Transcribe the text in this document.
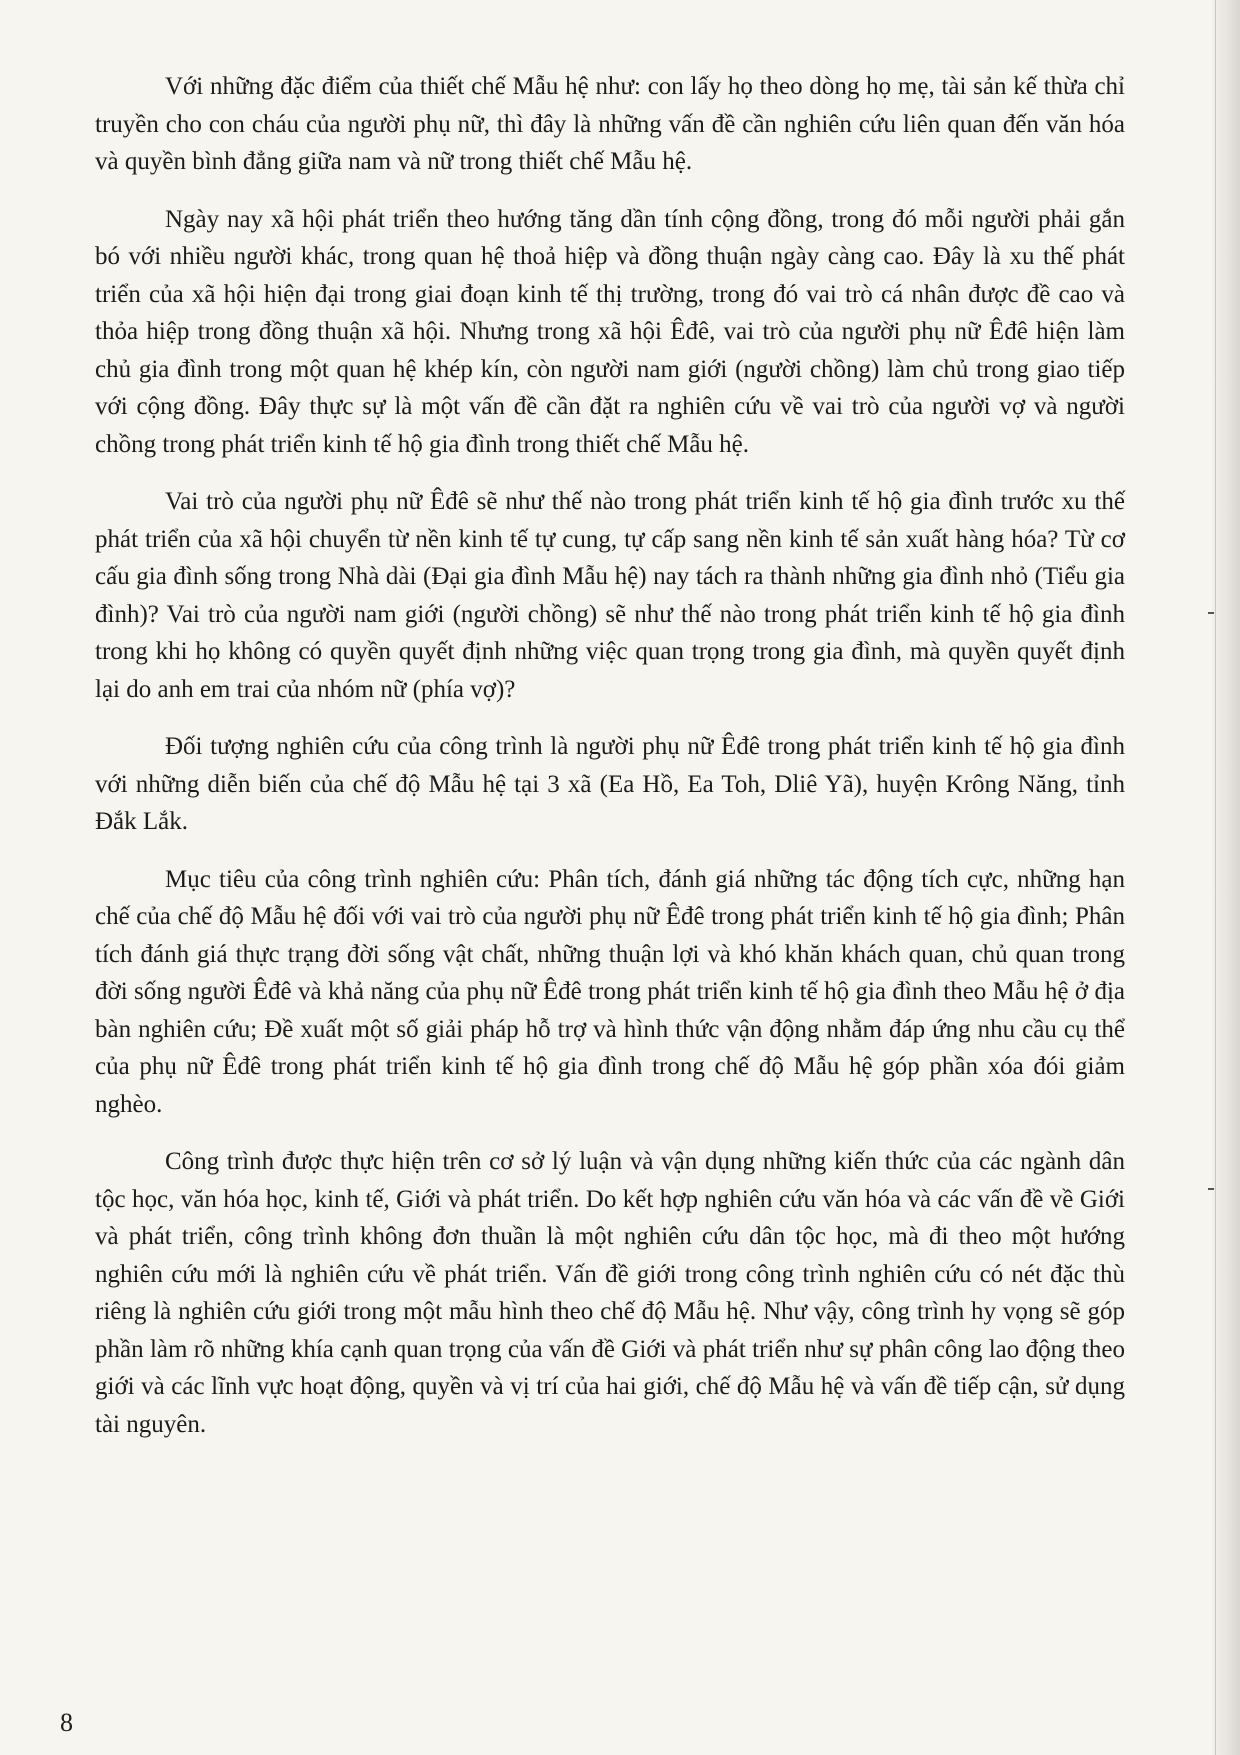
Với những đặc điểm của thiết chế Mẫu hệ như: con lấy họ theo dòng họ mẹ, tài sản kế thừa chỉ truyền cho con cháu của người phụ nữ, thì đây là những vấn đề cần nghiên cứu liên quan đến văn hóa và quyền bình đẳng giữa nam và nữ trong thiết chế Mẫu hệ.

Ngày nay xã hội phát triển theo hướng tăng dần tính cộng đồng, trong đó mỗi người phải gắn bó với nhiều người khác, trong quan hệ thoả hiệp và đồng thuận ngày càng cao. Đây là xu thế phát triển của xã hội hiện đại trong giai đoạn kinh tế thị trường, trong đó vai trò cá nhân được đề cao và thỏa hiệp trong đồng thuận xã hội. Nhưng trong xã hội Êđê, vai trò của người phụ nữ Êđê hiện làm chủ gia đình trong một quan hệ khép kín, còn người nam giới (người chồng) làm chủ trong giao tiếp với cộng đồng. Đây thực sự là một vấn đề cần đặt ra nghiên cứu về vai trò của người vợ và người chồng trong phát triển kinh tế hộ gia đình trong thiết chế Mẫu hệ.

Vai trò của người phụ nữ Êđê sẽ như thế nào trong phát triển kinh tế hộ gia đình trước xu thế phát triển của xã hội chuyển từ nền kinh tế tự cung, tự cấp sang nền kinh tế sản xuất hàng hóa? Từ cơ cấu gia đình sống trong Nhà dài (Đại gia đình Mẫu hệ) nay tách ra thành những gia đình nhỏ (Tiểu gia đình)? Vai trò của người nam giới (người chồng) sẽ như thế nào trong phát triển kinh tế hộ gia đình trong khi họ không có quyền quyết định những việc quan trọng trong gia đình, mà quyền quyết định lại do anh em trai của nhóm nữ (phía vợ)?

Đối tượng nghiên cứu của công trình là người phụ nữ Êđê trong phát triển kinh tế hộ gia đình với những diễn biến của chế độ Mẫu hệ tại 3 xã (Ea Hồ, Ea Toh, Dliê Yã), huyện Krông Năng, tỉnh Đắk Lắk.

Mục tiêu của công trình nghiên cứu: Phân tích, đánh giá những tác động tích cực, những hạn chế của chế độ Mẫu hệ đối với vai trò của người phụ nữ Êđê trong phát triển kinh tế hộ gia đình; Phân tích đánh giá thực trạng đời sống vật chất, những thuận lợi và khó khăn khách quan, chủ quan trong đời sống người Êđê và khả năng của phụ nữ Êđê trong phát triển kinh tế hộ gia đình theo Mẫu hệ ở địa bàn nghiên cứu; Đề xuất một số giải pháp hỗ trợ và hình thức vận động nhằm đáp ứng nhu cầu cụ thể của phụ nữ Êđê trong phát triển kinh tế hộ gia đình trong chế độ Mẫu hệ góp phần xóa đói giảm nghèo.

Công trình được thực hiện trên cơ sở lý luận và vận dụng những kiến thức của các ngành dân tộc học, văn hóa học, kinh tế, Giới và phát triển. Do kết hợp nghiên cứu văn hóa và các vấn đề về Giới và phát triển, công trình không đơn thuần là một nghiên cứu dân tộc học, mà đi theo một hướng nghiên cứu mới là nghiên cứu về phát triển. Vấn đề giới trong công trình nghiên cứu có nét đặc thù riêng là nghiên cứu giới trong một mẫu hình theo chế độ Mẫu hệ. Như vậy, công trình hy vọng sẽ góp phần làm rõ những khía cạnh quan trọng của vấn đề Giới và phát triển như sự phân công lao động theo giới và các lĩnh vực hoạt động, quyền và vị trí của hai giới, chế độ Mẫu hệ và vấn đề tiếp cận, sử dụng tài nguyên.

8
